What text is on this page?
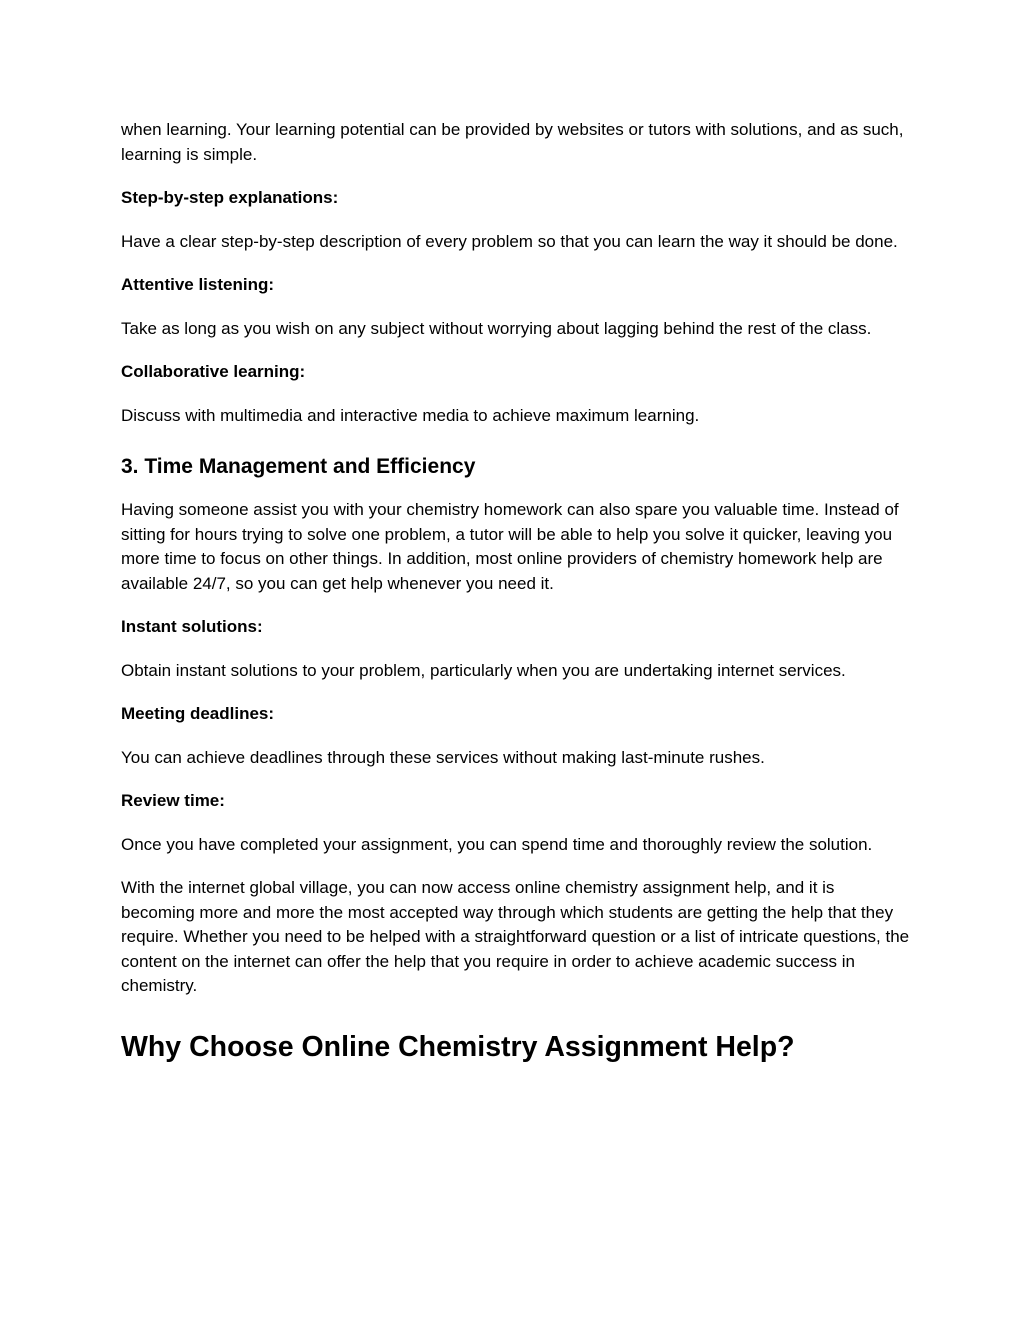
when learning. Your learning potential can be provided by websites or tutors with solutions, and as such, learning is simple.

Step-by-step explanations:

Have a clear step-by-step description of every problem so that you can learn the way it should be done.

Attentive listening:

Take as long as you wish on any subject without worrying about lagging behind the rest of the class.

Collaborative learning:

Discuss with multimedia and interactive media to achieve maximum learning.

3. Time Management and Efficiency

Having someone assist you with your chemistry homework can also spare you valuable time. Instead of sitting for hours trying to solve one problem, a tutor will be able to help you solve it quicker, leaving you more time to focus on other things. In addition, most online providers of chemistry homework help are available 24/7, so you can get help whenever you need it.

Instant solutions:

Obtain instant solutions to your problem, particularly when you are undertaking internet services.

Meeting deadlines:

You can achieve deadlines through these services without making last-minute rushes.

Review time:

Once you have completed your assignment, you can spend time and thoroughly review the solution.

With the internet global village, you can now access online chemistry assignment help, and it is becoming more and more the most accepted way through which students are getting the help that they require. Whether you need to be helped with a straightforward question or a list of intricate questions, the content on the internet can offer the help that you require in order to achieve academic success in chemistry.

Why Choose Online Chemistry Assignment Help?
